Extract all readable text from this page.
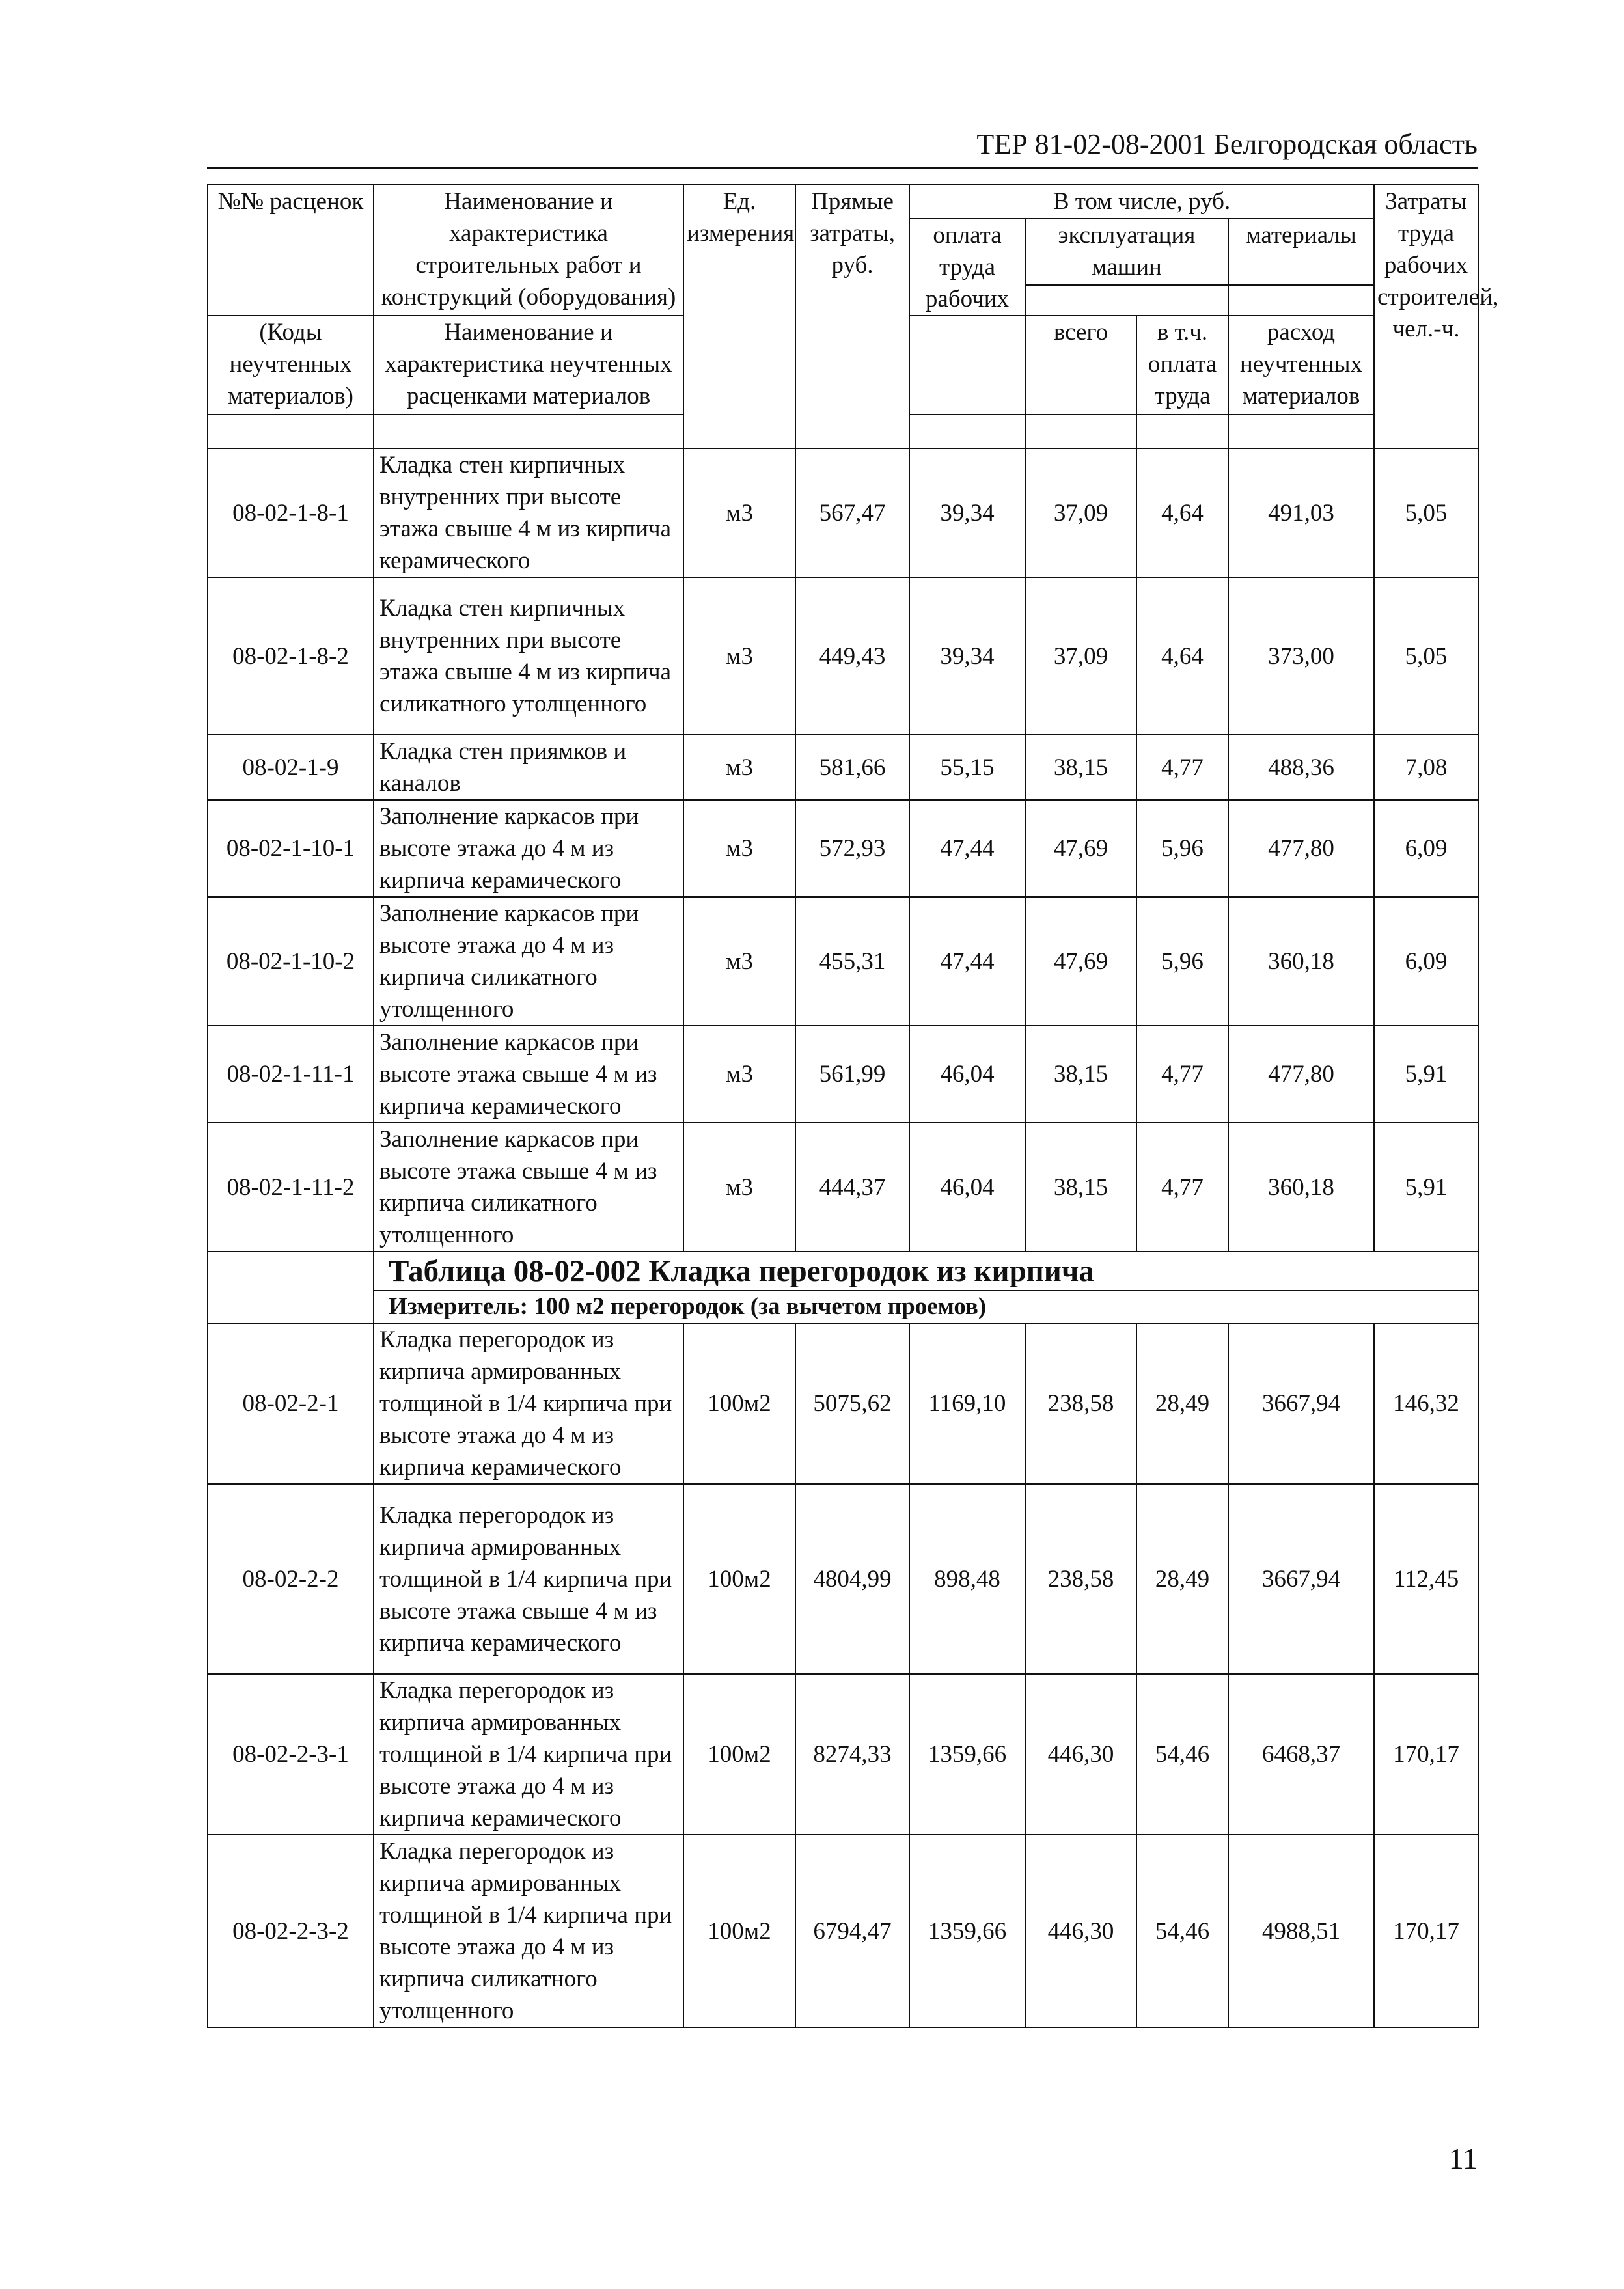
ТЕР 81-02-08-2001 Белгородская область
№№ расценок	Наименование и характеристика строительных работ и конструкций (оборудования)	Ед. измерения	Прямые затраты, руб.	В том числе, руб.				Затраты труда рабочих строителей, чел.-ч.
				оплата труда рабочих	эксплуатация машин		материалы	

(Коды неучтенных материалов)	Наименование и характеристика неучтенных расценками материалов				всего	в т.ч. оплата труда	расход неучтенных материалов	

08-02-1-8-1	Кладка стен кирпичных внутренних при высоте этажа свыше 4 м из кирпича керамического	м3	567,47	39,34	37,09	4,64	491,03	5,05
08-02-1-8-2	Кладка стен кирпичных внутренних при высоте этажа свыше 4 м из кирпича силикатного утолщенного	м3	449,43	39,34	37,09	4,64	373,00	5,05
08-02-1-9	Кладка стен приямков и каналов	м3	581,66	55,15	38,15	4,77	488,36	7,08
08-02-1-10-1	Заполнение каркасов при высоте этажа до 4 м из кирпича керамического	м3	572,93	47,44	47,69	5,96	477,80	6,09
08-02-1-10-2	Заполнение каркасов при высоте этажа до 4 м из кирпича силикатного утолщенного	м3	455,31	47,44	47,69	5,96	360,18	6,09
08-02-1-11-1	Заполнение каркасов при высоте этажа свыше 4 м из кирпича керамического	м3	561,99	46,04	38,15	4,77	477,80	5,91
08-02-1-11-2	Заполнение каркасов при высоте этажа свыше 4 м из кирпича силикатного утолщенного	м3	444,37	46,04	38,15	4,77	360,18	5,91
	Таблица 08-02-002 Кладка перегородок из кирпича							
	Измеритель: 100 м2 перегородок (за вычетом проемов)							
08-02-2-1	Кладка перегородок из кирпича армированных толщиной в 1/4 кирпича при высоте этажа до 4 м из кирпича керамического	100м2	5075,62	1169,10	238,58	28,49	3667,94	146,32
08-02-2-2	Кладка перегородок из кирпича армированных толщиной в 1/4 кирпича при высоте этажа свыше 4 м из кирпича керамического	100м2	4804,99	898,48	238,58	28,49	3667,94	112,45
08-02-2-3-1	Кладка перегородок из кирпича армированных толщиной в 1/4 кирпича при высоте этажа до 4 м из кирпича керамического	100м2	8274,33	1359,66	446,30	54,46	6468,37	170,17
08-02-2-3-2	Кладка перегородок из кирпича армированных толщиной в 1/4 кирпича при высоте этажа до 4 м из кирпича силикатного утолщенного	100м2	6794,47	1359,66	446,30	54,46	4988,51	170,17
11
